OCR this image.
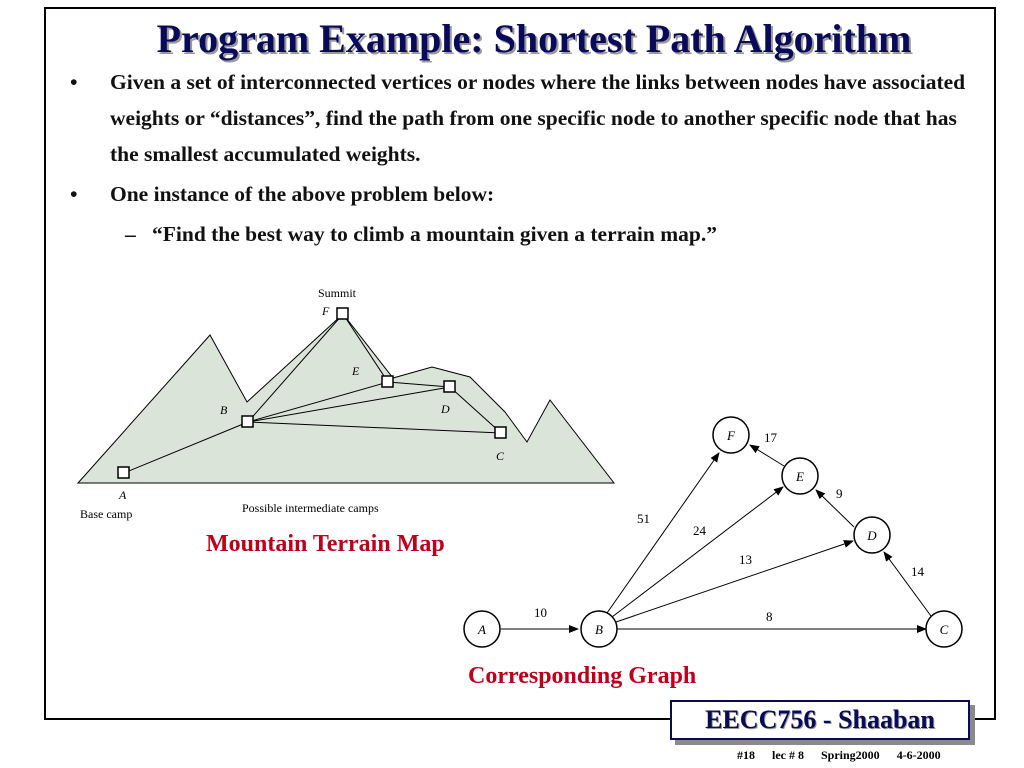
Program Example: Shortest Path Algorithm

• Given a set of interconnected vertices or nodes where the links between nodes have associated weights or “distances”, find the path from one specific node to another specific node that has the smallest accumulated weights.

• One instance of the above problem below:

– “Find the best way to climb a mountain given a terrain map.”

Summit
F
E
D
B
C
A
Base camp	Possible intermediate camps
Mountain Terrain Map
A	B	C
D
E
F
10	8
13
24
51
14
9
17
Corresponding Graph
EECC756 - Shaaban
#18 lec # 8 Spring2000 4-6-2000
